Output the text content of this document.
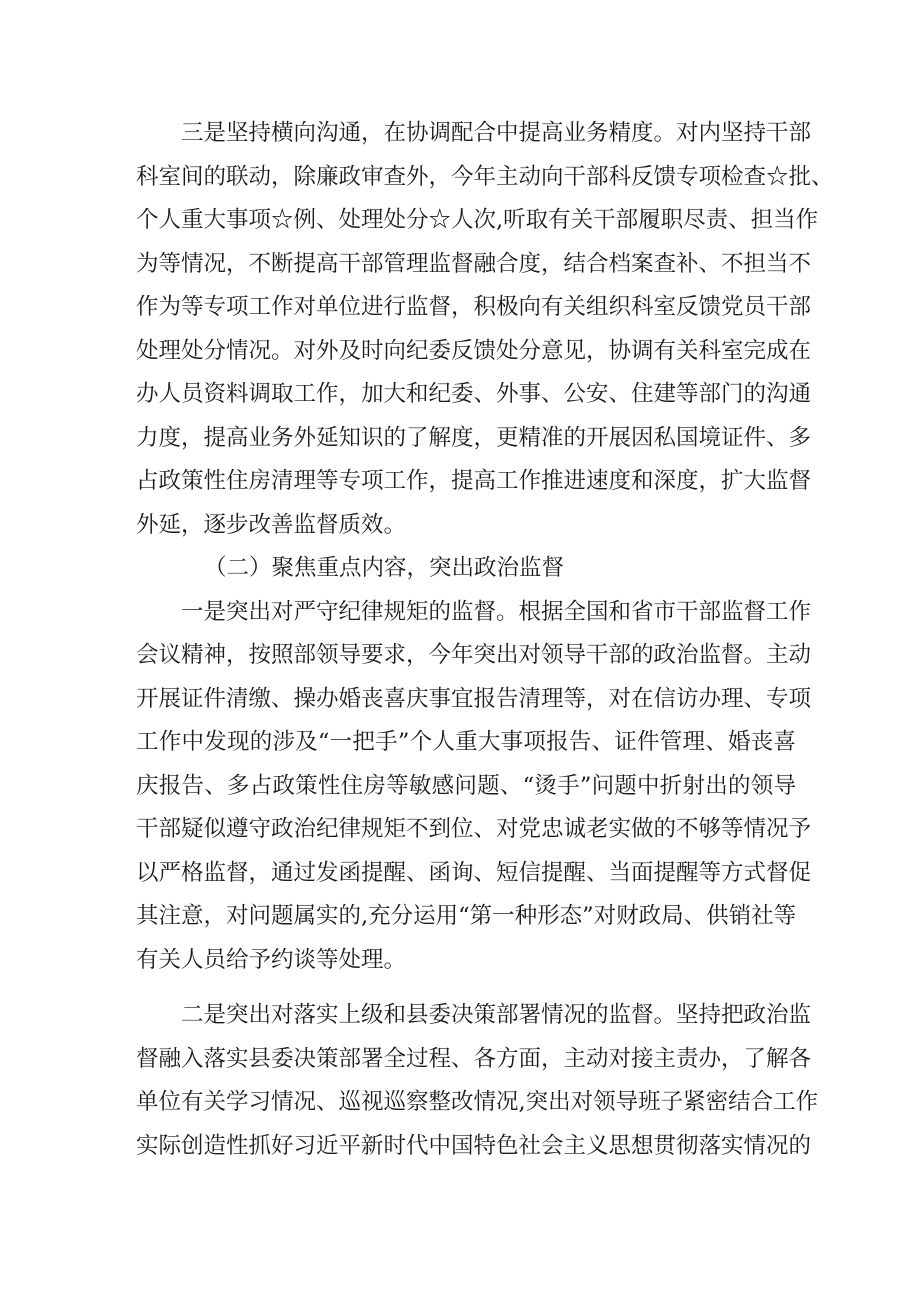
三是坚持横向沟通，在协调配合中提高业务精度。对内坚持干部
科室间的联动，除廉政审查外，今年主动向干部科反馈专项检查☆批、
个人重大事项☆例、处理处分☆人次,听取有关干部履职尽责、担当作
为等情况，不断提高干部管理监督融合度，结合档案查补、不担当不
作为等专项工作对单位进行监督，积极向有关组织科室反馈党员干部
处理处分情况。对外及时向纪委反馈处分意见，协调有关科室完成在
办人员资料调取工作，加大和纪委、外事、公安、住建等部门的沟通
力度，提高业务外延知识的了解度，更精准的开展因私国境证件、多
占政策性住房清理等专项工作，提高工作推进速度和深度，扩大监督
外延，逐步改善监督质效。
（二）聚焦重点内容，突出政治监督
一是突出对严守纪律规矩的监督。根据全国和省市干部监督工作
会议精神，按照部领导要求，今年突出对领导干部的政治监督。主动
开展证件清缴、操办婚丧喜庆事宜报告清理等，对在信访办理、专项
工作中发现的涉及“一把手”个人重大事项报告、证件管理、婚丧喜
庆报告、多占政策性住房等敏感问题、“烫手”问题中折射出的领导
干部疑似遵守政治纪律规矩不到位、对党忠诚老实做的不够等情况予
以严格监督，通过发函提醒、函询、短信提醒、当面提醒等方式督促
其注意，对问题属实的,充分运用“第一种形态”对财政局、供销社等
有关人员给予约谈等处理。
二是突出对落实上级和县委决策部署情况的监督。坚持把政治监
督融入落实县委决策部署全过程、各方面，主动对接主责办，了解各
单位有关学习情况、巡视巡察整改情况,突出对领导班子紧密结合工作
实际创造性抓好习近平新时代中国特色社会主义思想贯彻落实情况的
